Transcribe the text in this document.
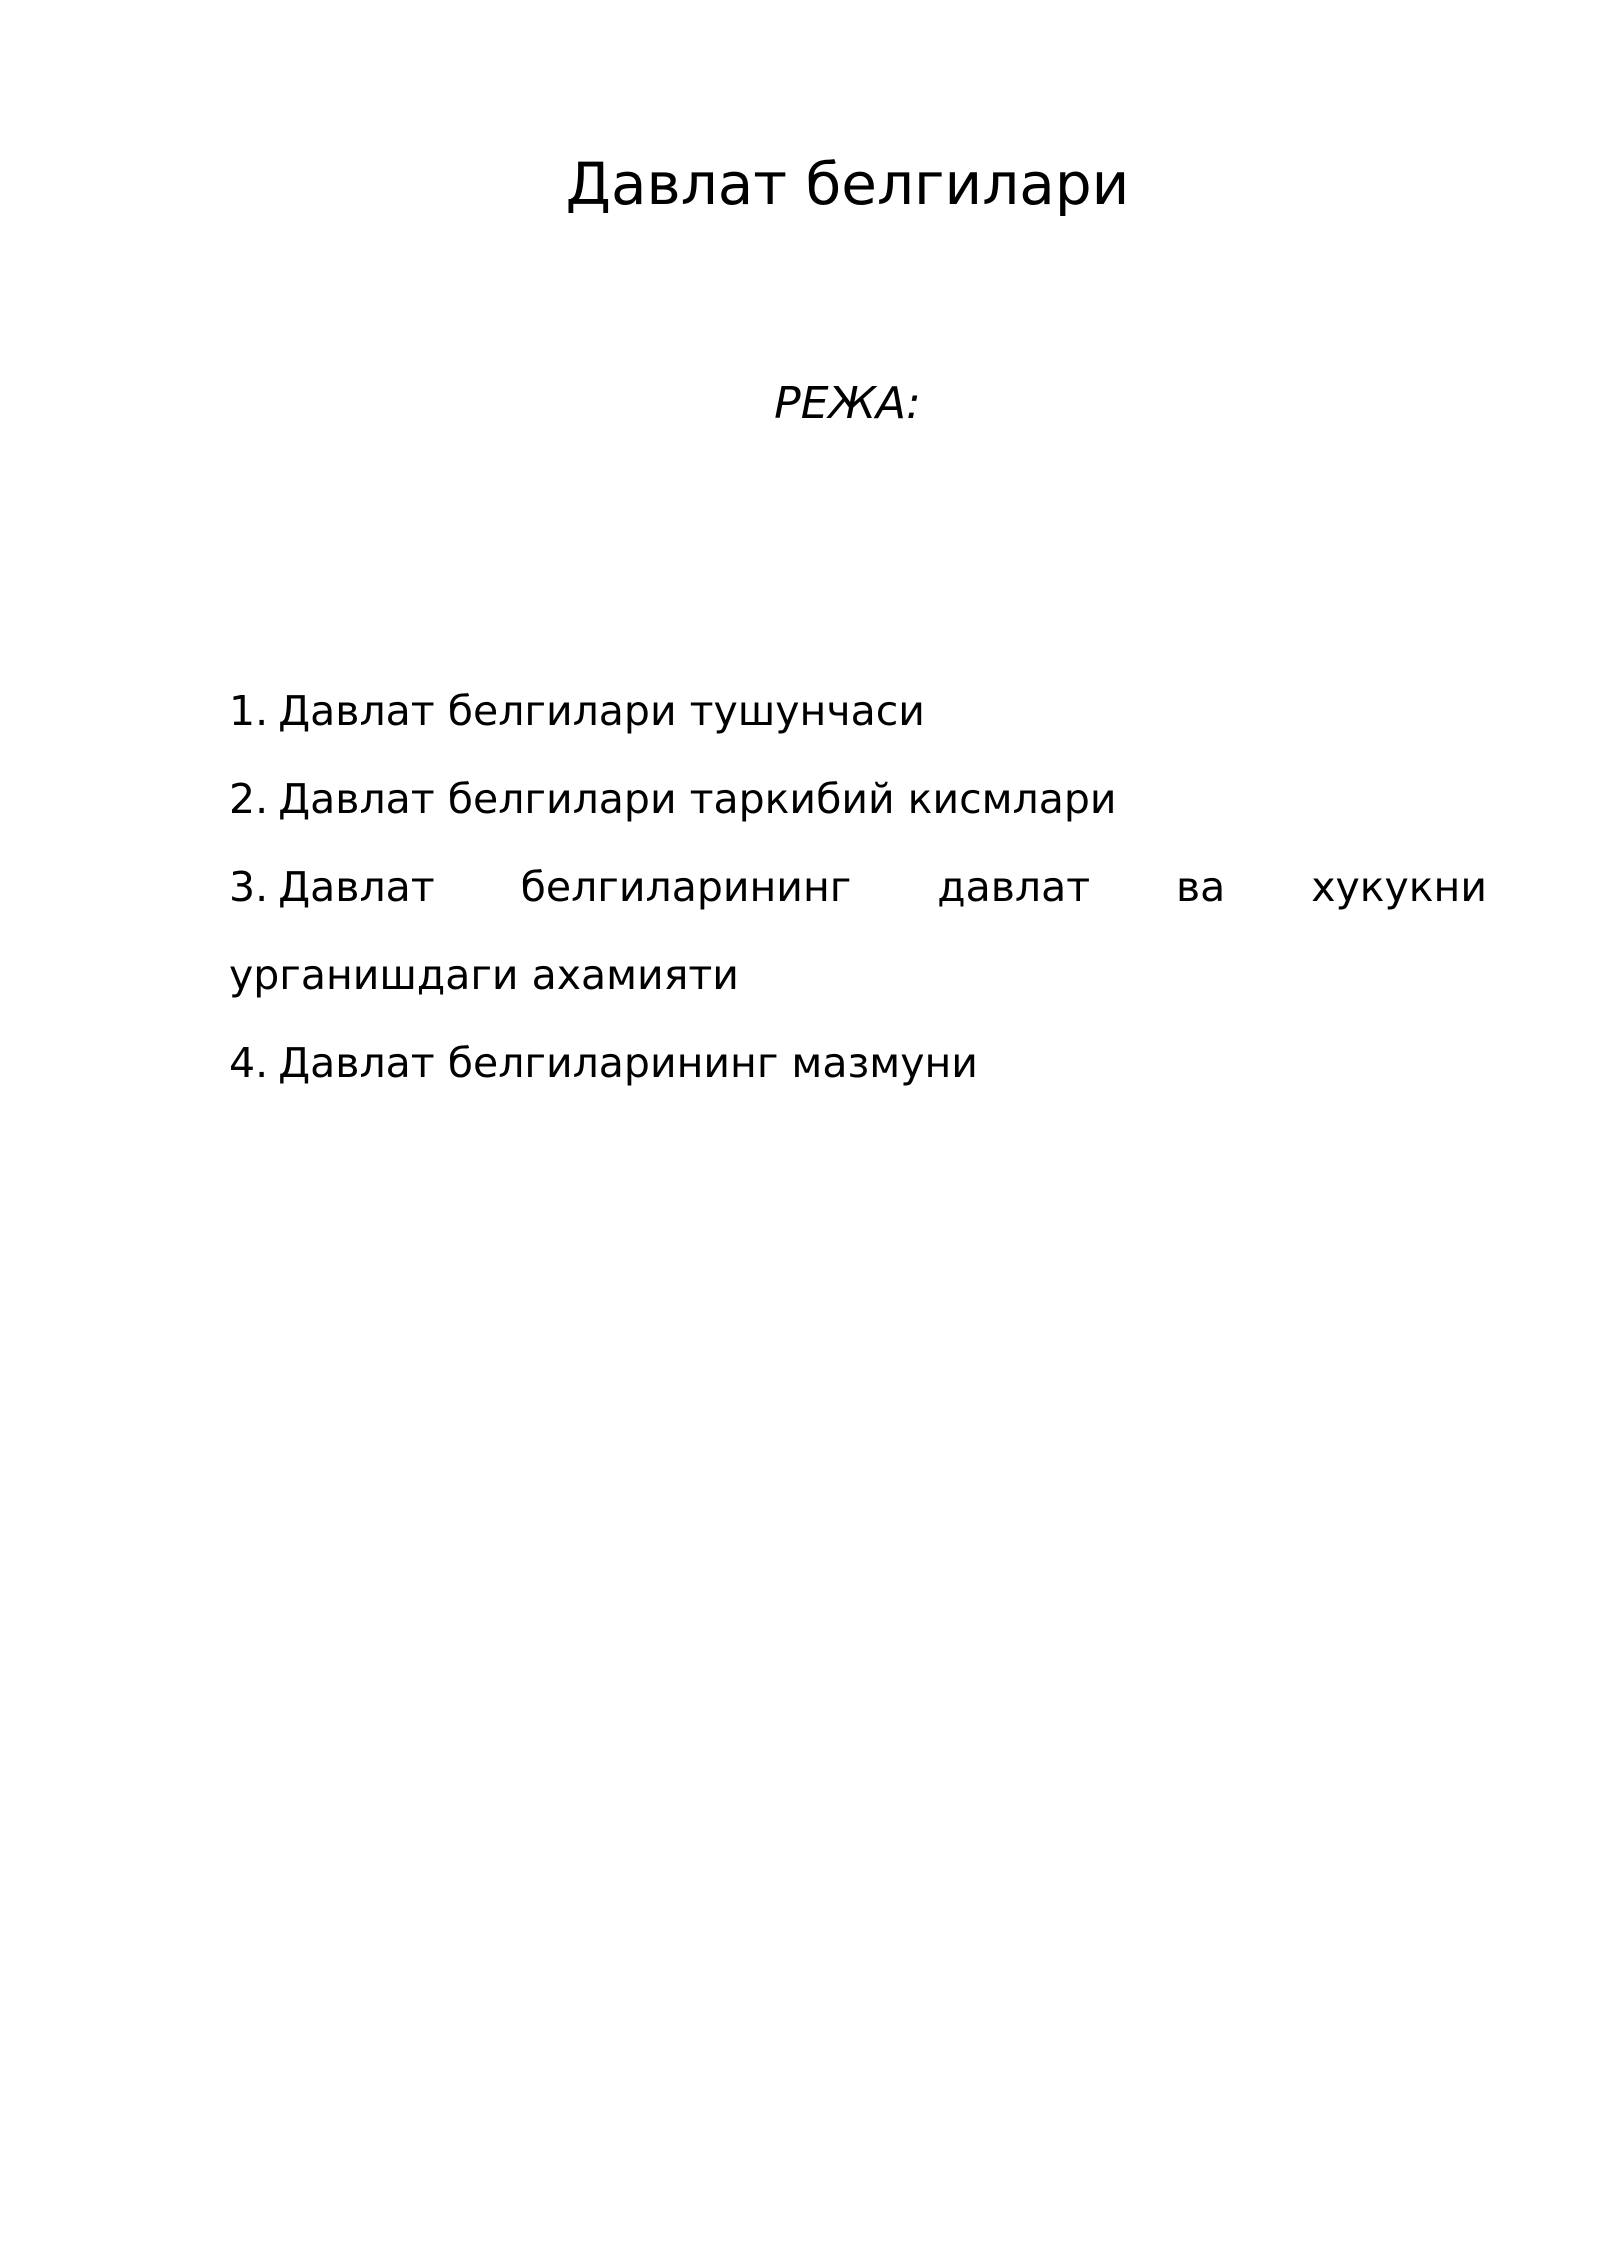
Давлат белгилари
РЕЖА:
1. Давлат белгилари тушунчаси
2. Давлат белгилари таркибий кисмлари
3. Давлат белгиларининг давлат ва хукукни урганишдаги ахамияти
4. Давлат белгиларининг мазмуни
